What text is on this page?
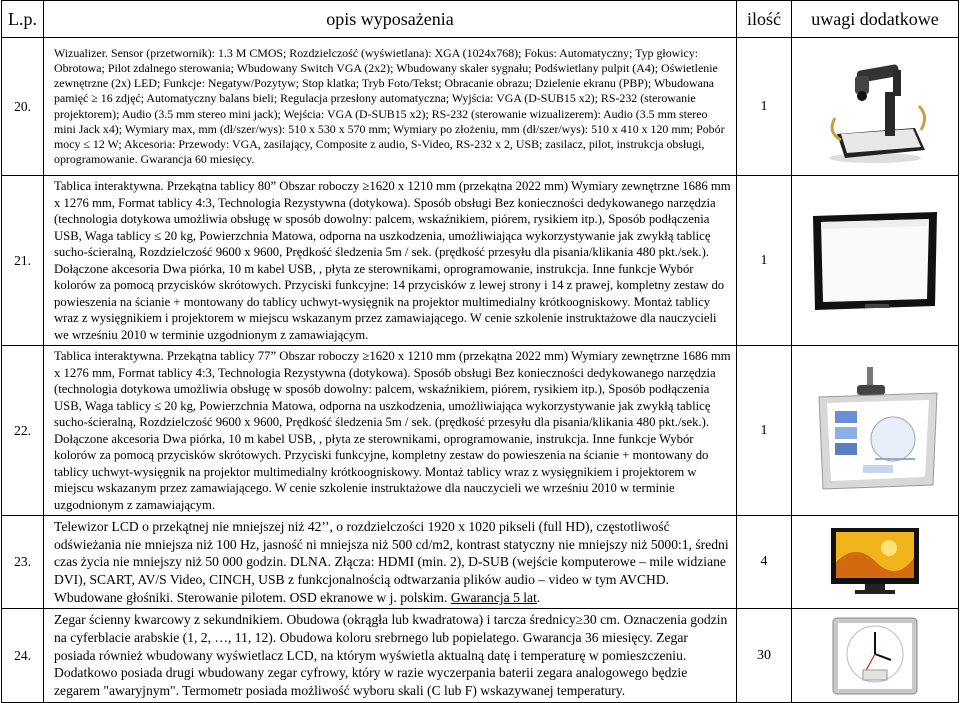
L.p.	opis wyposażenia	ilość	uwagi dodatkowe
20.	Wizualizer. Sensor (przetwornik): 1.3 M CMOS; Rozdzielczość (wyświetlana): XGA (1024x768); Fokus: Automatyczny; Typ głowicy: Obrotowa; Pilot zdalnego sterowania; Wbudowany Switch VGA (2x2); Wbudowany skaler sygnału; Podświetlany pulpit (A4); Oświetlenie zewnętrzne (2x) LED; Funkcje: Negatyw/Pozytyw; Stop klatka; Tryb Foto/Tekst; Obracanie obrazu; Dzielenie ekranu (PBP); Wbudowana pamięć ≥ 16 zdjęć; Automatyczny balans bieli; Regulacja przesłony automatyczna; Wyjścia: VGA (D-SUB15 x2); RS-232 (sterowanie projektorem); Audio (3.5 mm stereo mini jack); Wejścia: VGA (D-SUB15 x2); RS-232 (sterowanie wizualizerem): Audio (3.5 mm stereo mini Jack x4); Wymiary max, mm (dł/szer/wys): 510 x 530 x 570 mm; Wymiary po złożeniu, mm (dł/szer/wys): 510 x 410 x 120 mm; Pobór mocy ≤ 12 W; Akcesoria: Przewody: VGA, zasilający, Composite z audio, S-Video, RS-232 x 2, USB; zasilacz, pilot, instrukcja obsługi, oprogramowanie. Gwarancja 60 miesięcy.	1	

21.	Tablica interaktywna. Przekątna tablicy 80” Obszar roboczy ≥1620 x 1210 mm (przekątna 2022 mm) Wymiary zewnętrzne 1686 mm x 1276 mm, Format tablicy 4:3, Technologia Rezystywna (dotykowa). Sposób obsługi Bez konieczności dedykowanego narzędzia (technologia dotykowa umożliwia obsługę w sposób dowolny: palcem, wskaźnikiem, piórem, rysikiem itp.), Sposób podłączenia USB, Waga tablicy ≤ 20 kg, Powierzchnia Matowa, odporna na uszkodzenia, umożliwiająca wykorzystywanie jak zwykłą tablicę sucho-ścieralną, Rozdzielczość 9600 x 9600, Prędkość śledzenia 5m / sek. (prędkość przesyłu dla pisania/klikania 480 pkt./sek.). Dołączone akcesoria Dwa piórka, 10 m kabel USB, , płyta ze sterownikami, oprogramowanie, instrukcja. Inne funkcje Wybór kolorów za pomocą przycisków skrótowych. Przyciski funkcyjne: 14 przycisków z lewej strony i 14 z prawej, kompletny zestaw do powieszenia na ścianie + montowany do tablicy uchwyt-wysięgnik na projektor multimedialny krótkoogniskowy. Montaż tablicy wraz z wysięgnikiem i projektorem w miejscu wskazanym przez zamawiającego. W cenie szkolenie instruktażowe dla nauczycieli we wrześniu 2010 w terminie uzgodnionym z zamawiającym.	1	

22.	Tablica interaktywna. Przekątna tablicy 77” Obszar roboczy ≥1620 x 1210 mm (przekątna 2022 mm) Wymiary zewnętrzne 1686 mm x 1276 mm, Format tablicy 4:3, Technologia Rezystywna (dotykowa). Sposób obsługi Bez konieczności dedykowanego narzędzia (technologia dotykowa umożliwia obsługę w sposób dowolny: palcem, wskaźnikiem, piórem, rysikiem itp.), Sposób podłączenia USB, Waga tablicy ≤ 20 kg, Powierzchnia Matowa, odporna na uszkodzenia, umożliwiająca wykorzystywanie jak zwykłą tablicę sucho-ścieralną, Rozdzielczość 9600 x 9600, Prędkość śledzenia 5m / sek. (prędkość przesyłu dla pisania/klikania 480 pkt./sek.). Dołączone akcesoria Dwa piórka, 10 m kabel USB, , płyta ze sterownikami, oprogramowanie, instrukcja. Inne funkcje Wybór kolorów za pomocą przycisków skrótowych. Przyciski funkcyjne, kompletny zestaw do powieszenia na ścianie + montowany do tablicy uchwyt-wysięgnik na projektor multimedialny krótkoogniskowy. Montaż tablicy wraz z wysięgnikiem i projektorem w miejscu wskazanym przez zamawiającego. W cenie szkolenie instruktażowe dla nauczycieli we wrześniu 2010 w terminie uzgodnionym z zamawiającym.	1	

23.	Telewizor LCD o przekątnej nie mniejszej niż 42’’, o rozdzielczości 1920 x 1020 pikseli (full HD), częstotliwość odświeżania nie mniejsza niż 100 Hz, jasność ni mniejsza niż 500 cd/m2, kontrast statyczny nie mniejszy niż 5000:1, średni czas życia nie mniejszy niż 50 000 godzin. DLNA. Złącza: HDMI (min. 2), D-SUB (wejście komputerowe – mile widziane DVI), SCART, AV/S Video, CINCH, USB z funkcjonalnością odtwarzania plików audio – video w tym AVCHD. Wbudowane głośniki. Sterowanie pilotem. OSD ekranowe w j. polskim. Gwarancja 5 lat.	4	

24.	Zegar ścienny kwarcowy z sekundnikiem. Obudowa (okrągła lub kwadratowa) i tarcza średnicy≥30 cm. Oznaczenia godzin na cyferblacie arabskie (1, 2, …, 11, 12). Obudowa koloru srebrnego lub popielatego. Gwarancja 36 miesięcy. Zegar posiada również wbudowany wyświetlacz LCD, na którym wyświetla aktualną datę i temperaturę w pomieszczeniu. Dodatkowo posiada drugi wbudowany zegar cyfrowy, który w razie wyczerpania baterii zegara analogowego będzie zegarem "awaryjnym". Termometr posiada możliwość wyboru skali (C lub F) wskazywanej temperatury.	30	
